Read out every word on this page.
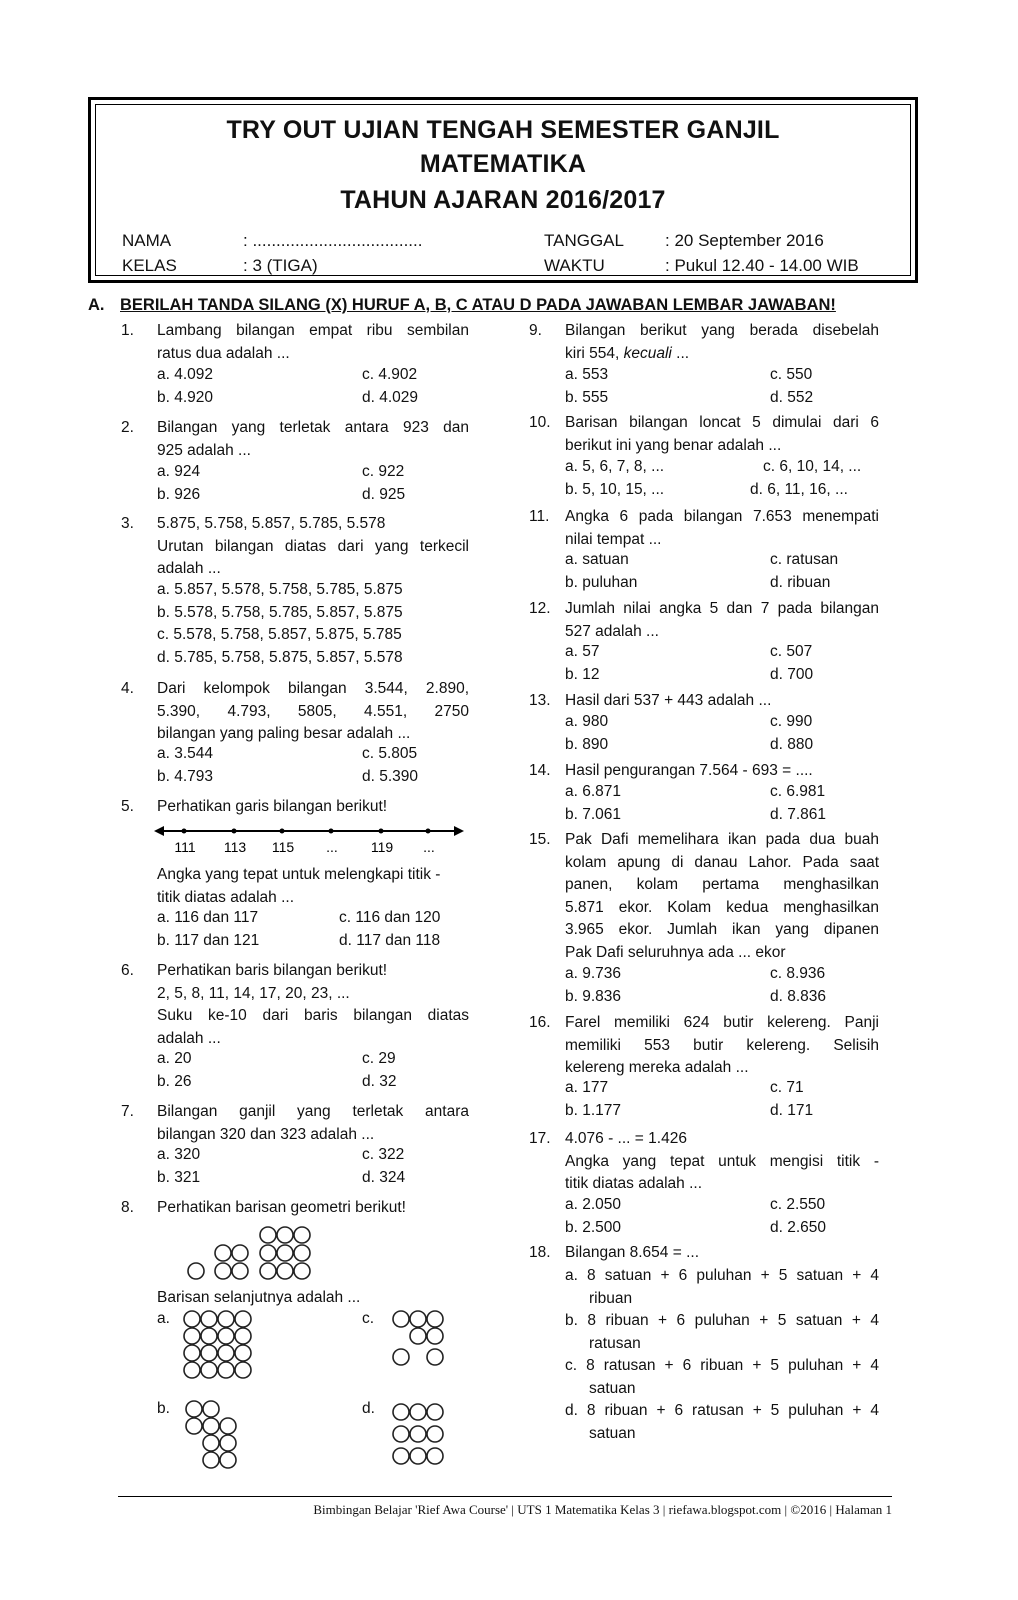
TRY OUT UJIAN TENGAH SEMESTER GANJIL
MATEMATIKA
TAHUN AJARAN 2016/2017
NAMA	: ....................................
KELAS	: 3 (TIGA)
TANGGAL : 20 September 2016
WAKTU	: Pukul 12.40 - 14.00 WIB
A. BERILAH TANDA SILANG (X) HURUF A, B, C ATAU D PADA JAWABAN LEMBAR JAWABAN!
1. Lambang bilangan empat ribu sembilan
ratus dua adalah ...
a. 4.092	c. 4.902
b. 4.920	d. 4.029
2. Bilangan yang terletak antara 923 dan
925 adalah ...
a. 924	c. 922
b. 926	d. 925
3. 5.875, 5.758, 5.857, 5.785, 5.578
Urutan bilangan diatas dari yang terkecil
adalah ...
a. 5.857, 5.578, 5.758, 5.785, 5.875
b. 5.578, 5.758, 5.785, 5.857, 5.875
c. 5.578, 5.758, 5.857, 5.875, 5.785
d. 5.785, 5.758, 5.875, 5.857, 5.578
4. Dari kelompok bilangan 3.544, 2.890,
5.390, 4.793, 5805, 4.551, 2750
bilangan yang paling besar adalah ...
a. 3.544	c. 5.805
b. 4.793	d. 5.390
5. Perhatikan garis bilangan berikut!
111 113 115 ... 119 ...
Angka yang tepat untuk melengkapi titik -
titik diatas adalah ...
a. 116 dan 117	c. 116 dan 120
b. 117 dan 121	d. 117 dan 118
6. Perhatikan baris bilangan berikut!
2, 5, 8, 11, 14, 17, 20, 23, ...
Suku ke-10 dari baris bilangan diatas
adalah ...
a. 20	c. 29
b. 26	d. 32
7. Bilangan ganjil yang terletak antara
bilangan 320 dan 323 adalah ...
a. 320	c. 322
b. 321	d. 324
8. Perhatikan barisan geometri berikut!
Barisan selanjutnya adalah ...
a.	c.
b.	d.
9. Bilangan berikut yang berada disebelah
kiri 554, kecuali ...
a. 553	c. 550
b. 555	d. 552
10. Barisan bilangan loncat 5 dimulai dari 6
berikut ini yang benar adalah ...
a. 5, 6, 7, 8, ...	c. 6, 10, 14, ...
b. 5, 10, 15, ...	d. 6, 11, 16, ...
11. Angka 6 pada bilangan 7.653 menempati
nilai tempat ...
a. satuan	c. ratusan
b. puluhan	d. ribuan
12. Jumlah nilai angka 5 dan 7 pada bilangan
527 adalah ...
a. 57	c. 507
b. 12	d. 700
13. Hasil dari 537 + 443 adalah ...
a. 980	c. 990
b. 890	d. 880
14. Hasil pengurangan 7.564 - 693 = ....
a. 6.871	c. 6.981
b. 7.061	d. 7.861
15. Pak Dafi memelihara ikan pada dua buah
kolam apung di danau Lahor. Pada saat
panen, kolam pertama menghasilkan
5.871 ekor. Kolam kedua menghasilkan
3.965 ekor. Jumlah ikan yang dipanen
Pak Dafi seluruhnya ada ... ekor
a. 9.736	c. 8.936
b. 9.836	d. 8.836
16. Farel memiliki 624 butir kelereng. Panji
memiliki 553 butir kelereng. Selisih
kelereng mereka adalah ...
a. 177	c. 71
b. 1.177	d. 171
17. 4.076 - ... = 1.426
Angka yang tepat untuk mengisi titik -
titik diatas adalah ...
a. 2.050	c. 2.550
b. 2.500	d. 2.650
18. Bilangan 8.654 = ...
a. 8 satuan + 6 puluhan + 5 satuan + 4
ribuan
b. 8 ribuan + 6 puluhan + 5 satuan + 4
ratusan
c. 8 ratusan + 6 ribuan + 5 puluhan + 4
satuan
d. 8 ribuan + 6 ratusan + 5 puluhan + 4
satuan
Bimbingan Belajar 'Rief Awa Course' | UTS 1 Matematika Kelas 3 | riefawa.blogspot.com | ©2016 | Halaman 1
